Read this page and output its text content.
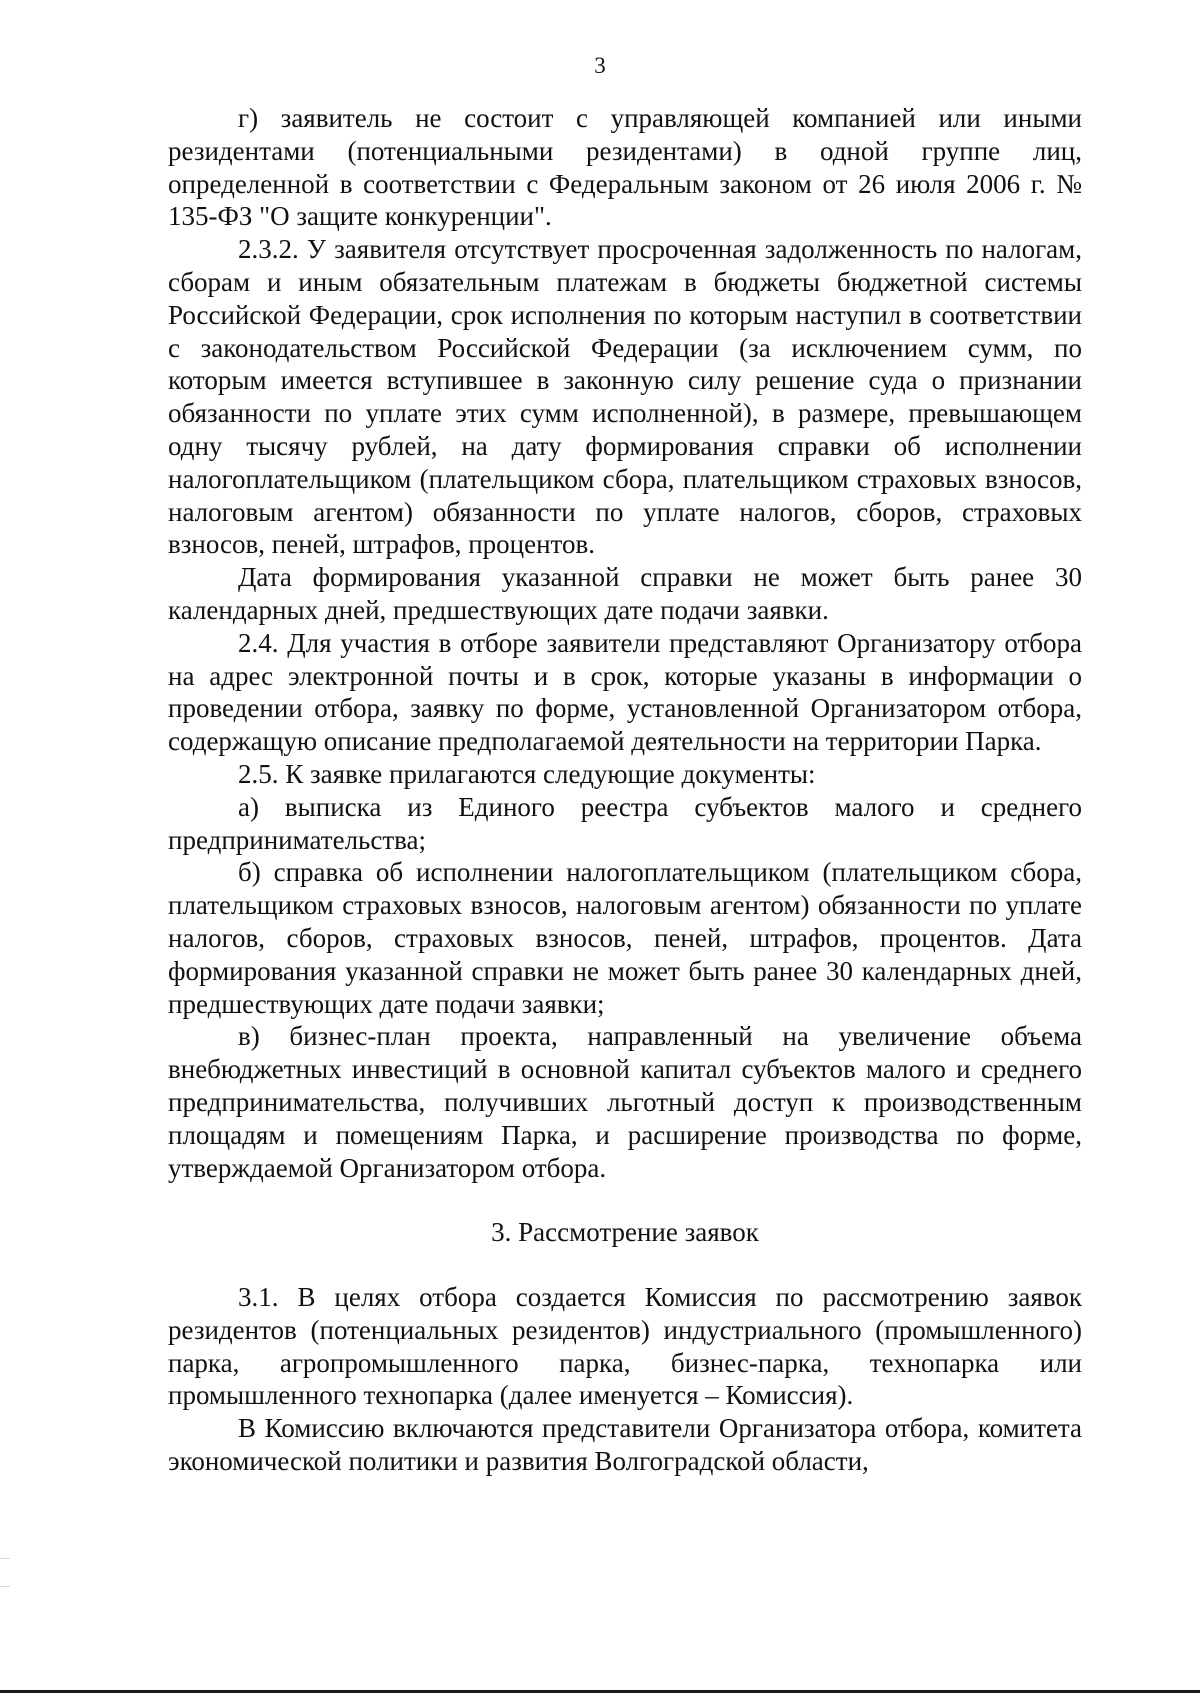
3

г) заявитель не состоит с управляющей компанией или иными резидентами (потенциальными резидентами) в одной группе лиц, определенной в соответствии с Федеральным законом от 26 июля 2006 г. № 135-ФЗ "О защите конкуренции".

2.3.2. У заявителя отсутствует просроченная задолженность по налогам, сборам и иным обязательным платежам в бюджеты бюджетной системы Российской Федерации, срок исполнения по которым наступил в соответствии с законодательством Российской Федерации (за исключением сумм, по которым имеется вступившее в законную силу решение суда о признании обязанности по уплате этих сумм исполненной), в размере, превышающем одну тысячу рублей, на дату формирования справки об исполнении налогоплательщиком (плательщиком сбора, плательщиком страховых взносов, налоговым агентом) обязанности по уплате налогов, сборов, страховых взносов, пеней, штрафов, процентов.

Дата формирования указанной справки не может быть ранее 30 календарных дней, предшествующих дате подачи заявки.

2.4. Для участия в отборе заявители представляют Организатору отбора на адрес электронной почты и в срок, которые указаны в информации о проведении отбора, заявку по форме, установленной Организатором отбора, содержащую описание предполагаемой деятельности на территории Парка.

2.5. К заявке прилагаются следующие документы:

а) выписка из Единого реестра субъектов малого и среднего предпринимательства;

б) справка об исполнении налогоплательщиком (плательщиком сбора, плательщиком страховых взносов, налоговым агентом) обязанности по уплате налогов, сборов, страховых взносов, пеней, штрафов, процентов. Дата формирования указанной справки не может быть ранее 30 календарных дней, предшествующих дате подачи заявки;

в) бизнес-план проекта, направленный на увеличение объема внебюджетных инвестиций в основной капитал субъектов малого и среднего предпринимательства, получивших льготный доступ к производственным площадям и помещениям Парка, и расширение производства по форме, утверждаемой Организатором отбора.

3. Рассмотрение заявок

3.1. В целях отбора создается Комиссия по рассмотрению заявок резидентов (потенциальных резидентов) индустриального (промышленного) парка, агропромышленного парка, бизнес-парка, технопарка или промышленного технопарка (далее именуется – Комиссия).

В Комиссию включаются представители Организатора отбора, комитета экономической политики и развития Волгоградской области,
